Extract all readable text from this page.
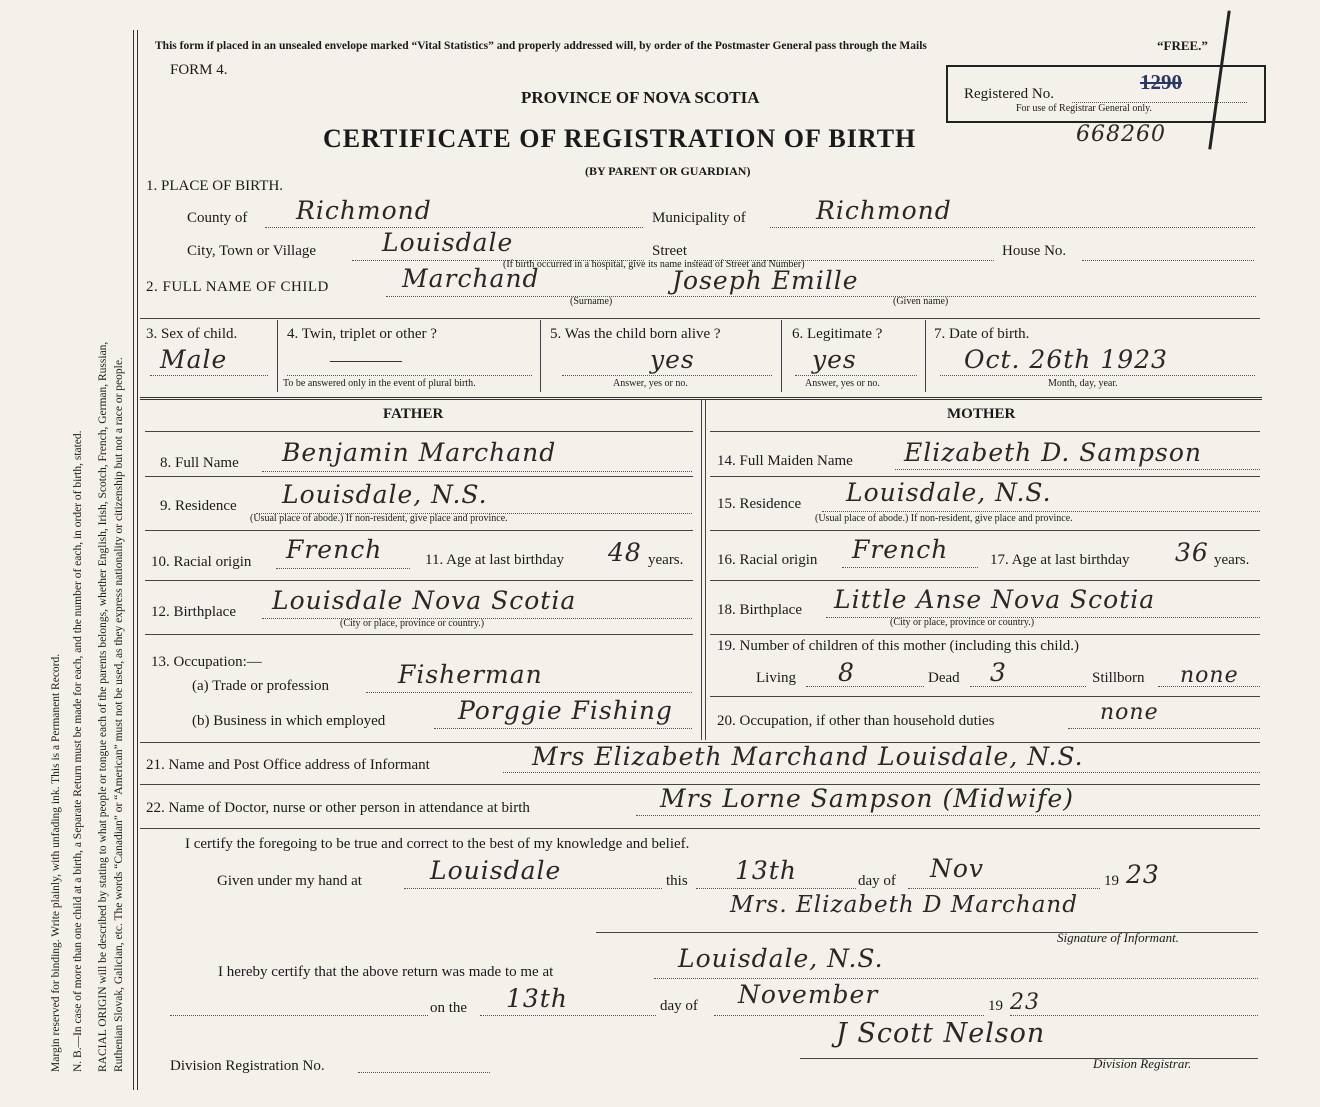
Margin reserved for binding. Write plainly, with unfading ink. This is a Permanent Record. N. B.—In case of more than one child at a birth, a Separate Return must be made for each, and the number of each, in order of birth, stated. RACIAL ORIGIN will be described by stating to what people or tongue each of the parents belongs, whether English, Irish, Scotch, French, German, Russian, Ruthenian Slovak, Galician, etc. The words “Canadian” or “American” must not be used, as they express nationality or citizenship but not a race or people.
This form if placed in an unsealed envelope marked “Vital Statistics” and properly addressed will, by order of the Postmaster General pass through the Mails	“FREE.”
FORM 4.
PROVINCE OF NOVA SCOTIA
CERTIFICATE OF REGISTRATION OF BIRTH	668260
(BY PARENT OR GUARDIAN)
Registered No.	1290
For use of Registrar General only.
1. PLACE OF BIRTH.
County of Richmond	Municipality of	Richmond
City, Town or Village	Louisdale	Street	House No.
(If birth occurred in a hospital, give its name instead of Street and Number)
2. FULL NAME OF CHILD	Marchand	Joseph Emille
(Surname)	(Given name)
3. Sex of child.
Male
4. Twin, triplet or other ?
————
To be answered only in the event of plural birth.
5. Was the child born alive ?
yes
Answer, yes or no.
6. Legitimate ?
yes
Answer, yes or no.
7. Date of birth.
Oct. 26th 1923
Month, day, year.
FATHER	MOTHER
8. Full Name Benjamin Marchand
9. Residence Louisdale, N.S.
(Usual place of abode.) If non-resident, give place and province.
10. Racial origin French	11. Age at last birthday 48 years.
12. Birthplace Louisdale Nova Scotia
(City or place, province or country.)
13. Occupation:—
(a) Trade or profession	Fisherman
(b) Business in which employed	Porggie Fishing
14. Full Maiden Name Elizabeth D. Sampson
15. Residence Louisdale, N.S.
(Usual place of abode.) If non-resident, give place and province.
16. Racial origin French	17. Age at last birthday 36 years.
18. Birthplace Little Anse Nova Scotia
(City or place, province or country.)
19. Number of children of this mother (including this child.)
Living 8	Dead 3	Stillborn none
20. Occupation, if other than household duties	none
21. Name and Post Office address of Informant	Mrs Elizabeth Marchand Louisdale, N.S.
22. Name of Doctor, nurse or other person in attendance at birth	Mrs Lorne Sampson (Midwife)
I certify the foregoing to be true and correct to the best of my knowledge and belief.
Given under my hand at	Louisdale	this 13th	day of Nov	19 23
Mrs. Elizabeth D Marchand
Signature of Informant.
I hereby certify that the above return was made to me at	Louisdale, N.S.
on the 13th	day of November	19 23
J Scott Nelson
Division Registration No.	Division Registrar.
